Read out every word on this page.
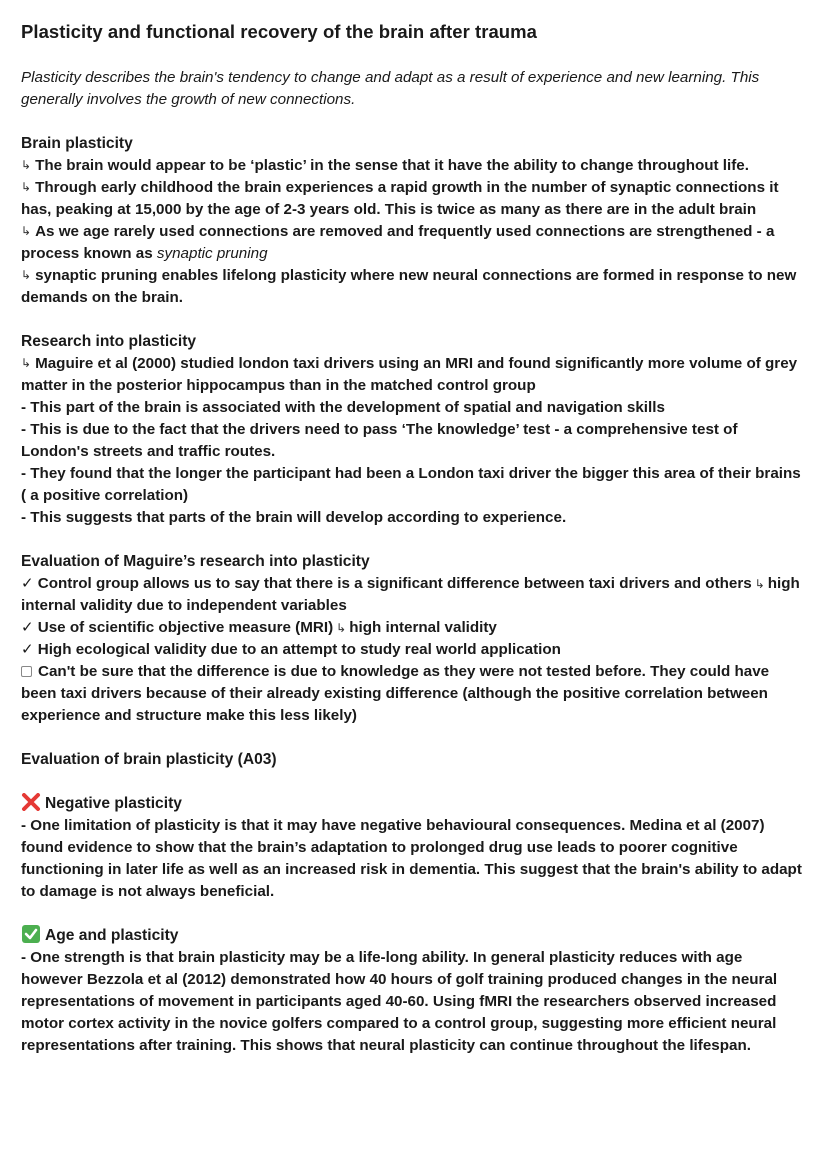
Plasticity and functional recovery of the brain after trauma

Plasticity describes the brain's tendency to change and adapt as a result of experience and new learning. This generally involves the growth of new connections.

Brain plasticity

↳ The brain would appear to be ‘plastic’ in the sense that it have the ability to change throughout life.

↳ Through early childhood the brain experiences a rapid growth in the number of synaptic connections it has, peaking at 15,000 by the age of 2-3 years old. This is twice as many as there are in the adult brain

↳ As we age rarely used connections are removed and frequently used connections are strengthened - a process known as synaptic pruning

↳ synaptic pruning enables lifelong plasticity where new neural connections are formed in response to new demands on the brain.

Research into plasticity

↳ Maguire et al (2000) studied london taxi drivers using an MRI and found significantly more volume of grey matter in the posterior hippocampus than in the matched control group

- This part of the brain is associated with the development of spatial and navigation skills

- This is due to the fact that the drivers need to pass ‘The knowledge’ test - a comprehensive test of London's streets and traffic routes.

- They found that the longer the participant had been a London taxi driver the bigger this area of their brains ( a positive correlation)

- This suggests that parts of the brain will develop according to experience.

Evaluation of Maguire’s research into plasticity

✓ Control group allows us to say that there is a significant difference between taxi drivers and others ↳ high internal validity due to independent variables

✓ Use of scientific objective measure (MRI) ↳ high internal validity

✓ High ecological validity due to an attempt to study real world application

Can't be sure that the difference is due to knowledge as they were not tested before. They could have been taxi drivers because of their already existing difference (although the positive correlation between experience and structure make this less likely)

Evaluation of brain plasticity (A03)

Negative plasticity

- One limitation of plasticity is that it may have negative behavioural consequences. Medina et al (2007) found evidence to show that the brain’s adaptation to prolonged drug use leads to poorer cognitive functioning in later life as well as an increased risk in dementia. This suggest that the brain's ability to adapt to damage is not always beneficial.

Age and plasticity

- One strength is that brain plasticity may be a life-long ability. In general plasticity reduces with age however Bezzola et al (2012) demonstrated how 40 hours of golf training produced changes in the neural representations of movement in participants aged 40-60. Using fMRI the researchers observed increased motor cortex activity in the novice golfers compared to a control group, suggesting more efficient neural representations after training. This shows that neural plasticity can continue throughout the lifespan.
